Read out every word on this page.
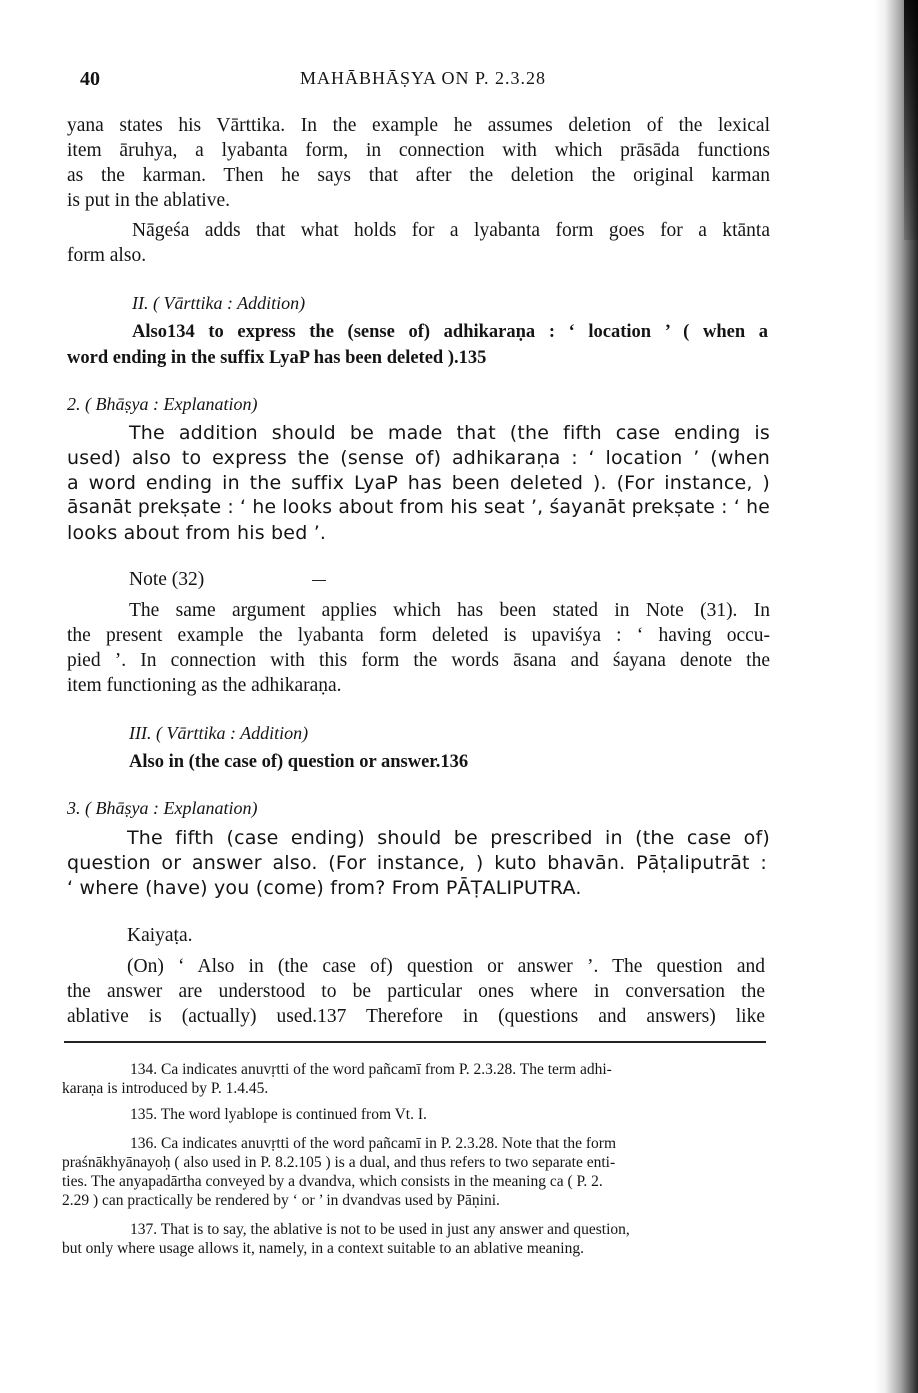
40	MAHĀBHĀṢYA ON P. 2.3.28
yana states his Vārttika. In the example he assumes deletion of the lexical
item āruhya, a lyabanta form, in connection with which prāsāda functions
as the karman. Then he says that after the deletion the original karman
is put in the ablative.
Nāgeśa adds that what holds for a lyabanta form goes for a ktānta
form also.
II. ( Vārttika : Addition)
Also134 to express the (sense of) adhikaraṇa : ‘ location ’ ( when a
word ending in the suffix LyaP has been deleted ).135
2. ( Bhāṣya : Explanation)
The addition should be made that (the fifth case ending is
used) also to express the (sense of) adhikaraṇa : ‘ location ’ (when
a word ending in the suffix LyaP has been deleted ). (For instance, )
āsanāt prekṣate : ‘ he looks about from his seat ’, śayanāt prekṣate : ‘ he
looks about from his bed ’.
Note (32)
The same argument applies which has been stated in Note (31). In
the present example the lyabanta form deleted is upaviśya : ‘ having occu-
pied ’. In connection with this form the words āsana and śayana denote the
item functioning as the adhikaraṇa.
III. ( Vārttika : Addition)
Also in (the case of) question or answer.136
3. ( Bhāṣya : Explanation)
The fifth (case ending) should be prescribed in (the case of)
question or answer also. (For instance, ) kuto bhavān. Pāṭaliputrāt :
‘ where (have) you (come) from? From PĀṬALIPUTRA.
Kaiyaṭa.
(On) ‘ Also in (the case of) question or answer ’. The question and
the answer are understood to be particular ones where in conversation the
ablative is (actually) used.137 Therefore in (questions and answers) like
134. Ca indicates anuvṛtti of the word pañcamī from P. 2.3.28. The term adhi-
karaṇa is introduced by P. 1.4.45.
135. The word lyablope is continued from Vt. I.
136. Ca indicates anuvṛtti of the word pañcamī in P. 2.3.28. Note that the form
praśnākhyānayoḥ ( also used in P. 8.2.105 ) is a dual, and thus refers to two separate enti-
ties. The anyapadārtha conveyed by a dvandva, which consists in the meaning ca ( P. 2.
2.29 ) can practically be rendered by ‘ or ’ in dvandvas used by Pāṇini.
137. That is to say, the ablative is not to be used in just any answer and question,
but only where usage allows it, namely, in a context suitable to an ablative meaning.
